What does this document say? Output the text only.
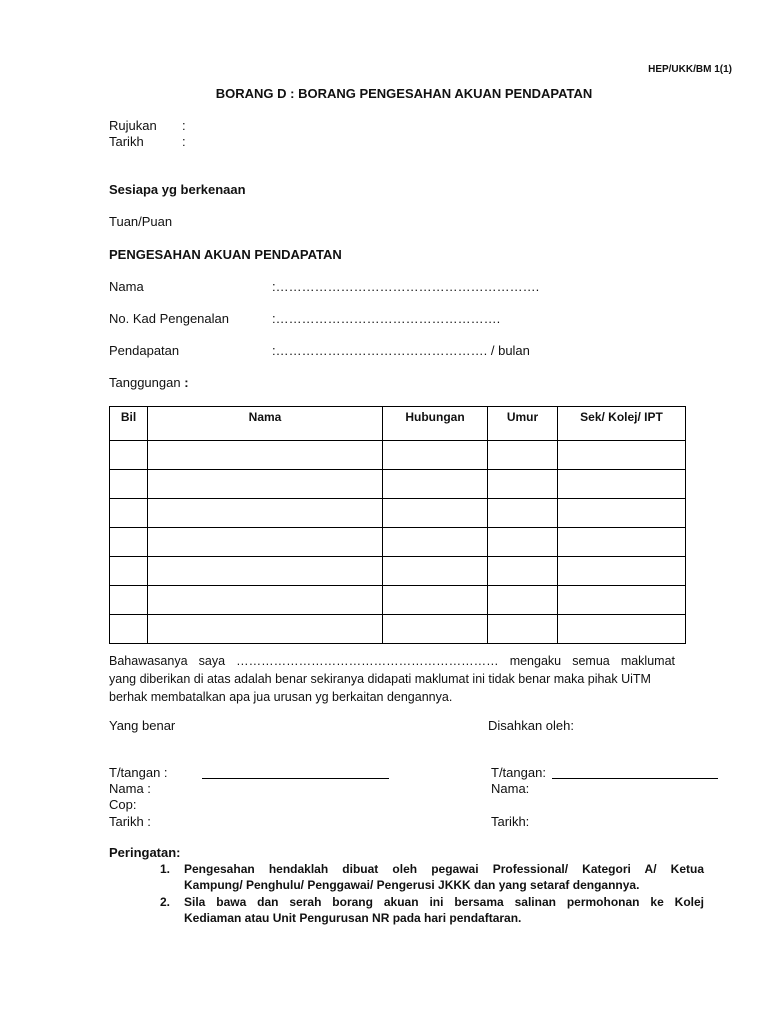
HEP/UKK/BM 1(1)
BORANG D : BORANG PENGESAHAN AKUAN PENDAPATAN
Rujukan :
Tarikh	:
Sesiapa yg berkenaan
Tuan/Puan
PENGESAHAN AKUAN PENDAPATAN
Nama	:…………………………………………………….
No. Kad Pengenalan	:…………………………………………….
Pendapatan	:…………………………………………. / bulan
Tanggungan :
Bil	Nama	Hubungan	Umur	Sek/ Kolej/ IPT

Bahawasanya saya ……………………………………………………… mengaku semua maklumat
yang diberikan di atas adalah benar sekiranya didapati maklumat ini tidak benar maka pihak UiTM
berhak membatalkan apa jua urusan yg berkaitan dengannya.
Yang benar	Disahkan oleh:
T/tangan :	T/tangan:
Nama :	Nama:
Cop:
Tarikh :	Tarikh:
Peringatan:
1. Pengesahan hendaklah dibuat oleh pegawai Professional/ Kategori A/ Ketua
Kampung/ Penghulu/ Penggawai/ Pengerusi JKKK dan yang setaraf dengannya.
2. Sila bawa dan serah borang akuan ini bersama salinan permohonan ke Kolej
Kediaman atau Unit Pengurusan NR pada hari pendaftaran.
